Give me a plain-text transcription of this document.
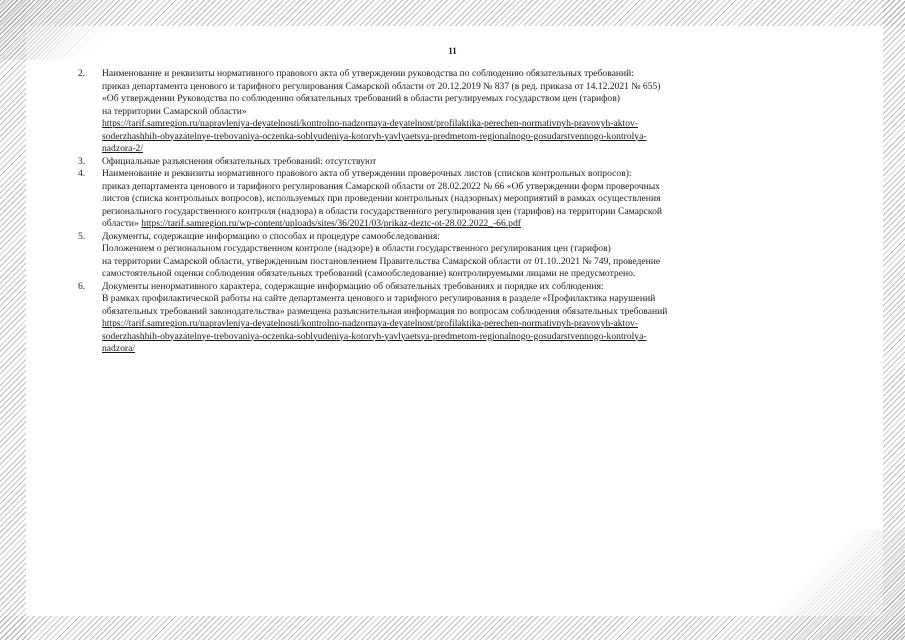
11
2.	Наименование и реквизиты нормативного правового акта об утверждении руководства по соблюдению обязательных требований:
приказ департамента ценового и тарифного регулирования Самарской области от 20.12.2019 № 837 (в ред. приказа от 14.12.2021 № 655)
«Об утверждении Руководства по соблюдению обязательных требований в области регулируемых государством цен (тарифов)
на территории Самарской области»
https://tarif.samregion.ru/napravleniya-deyatelnosti/kontrolno-nadzornaya-deyatelnost/profilaktika-perechen-normativnyh-pravovyh-aktov-
soderzhashhih-obyazatelnye-trebovaniya-oczenka-soblyudeniya-kotoryh-yavlyaetsya-predmetom-regionalnogo-gosudarstvennogo-kontrolya-
nadzora-2/
3.	Официальные разъяснения обязательных требований: отсутствуют
4.	Наименование и реквизиты нормативного правового акта об утверждении проверочных листов (списков контрольных вопросов):
приказ департамента ценового и тарифного регулирования Самарской области от 28.02.2022 № 66 «Об утверждении форм проверочных
листов (списка контрольных вопросов), используемых при проведении контрольных (надзорных) мероприятий в рамках осуществления
регионального государственного контроля (надзора) в области государственного регулирования цен (тарифов) на территории Самарской
области» https://tarif.samregion.ru/wp-content/uploads/sites/36/2021/03/prikaz-deztc-ot-28.02.2022_-66.pdf
5.	Документы, содержащие информацию о способах и процедуре самообследования:
Положением о региональном государственном контроле (надзоре) в области государственного регулирования цен (тарифов)
на территории Самарской области, утвержденным постановлением Правительства Самарской области от 01.10..2021 № 749, проведение
самостоятельной оценки соблюдения обязательных требований (самообследование) контролируемыми лицами не предусмотрено.
6.	Документы ненормативного характера, содержащие информацию об обязательных требованиях и порядке их соблюдения:
В рамках профилактической работы на сайте департамента ценового и тарифного регулирования в разделе «Профилактика нарушений
обязательных требований законодательства» размещена разъяснительная информация по вопросам соблюдения обязательных требований
https://tarif.samregion.ru/napravleniya-deyatelnosti/kontrolno-nadzornaya-deyatelnost/profilaktika-perechen-normativnyh-pravovyh-aktov-
soderzhashhih-obyazatelnye-trebovaniya-oczenka-soblyudeniya-kotoryh-yavlyaetsya-predmetom-regionalnogo-gosudarstvennogo-kontrolya-
nadzora/
